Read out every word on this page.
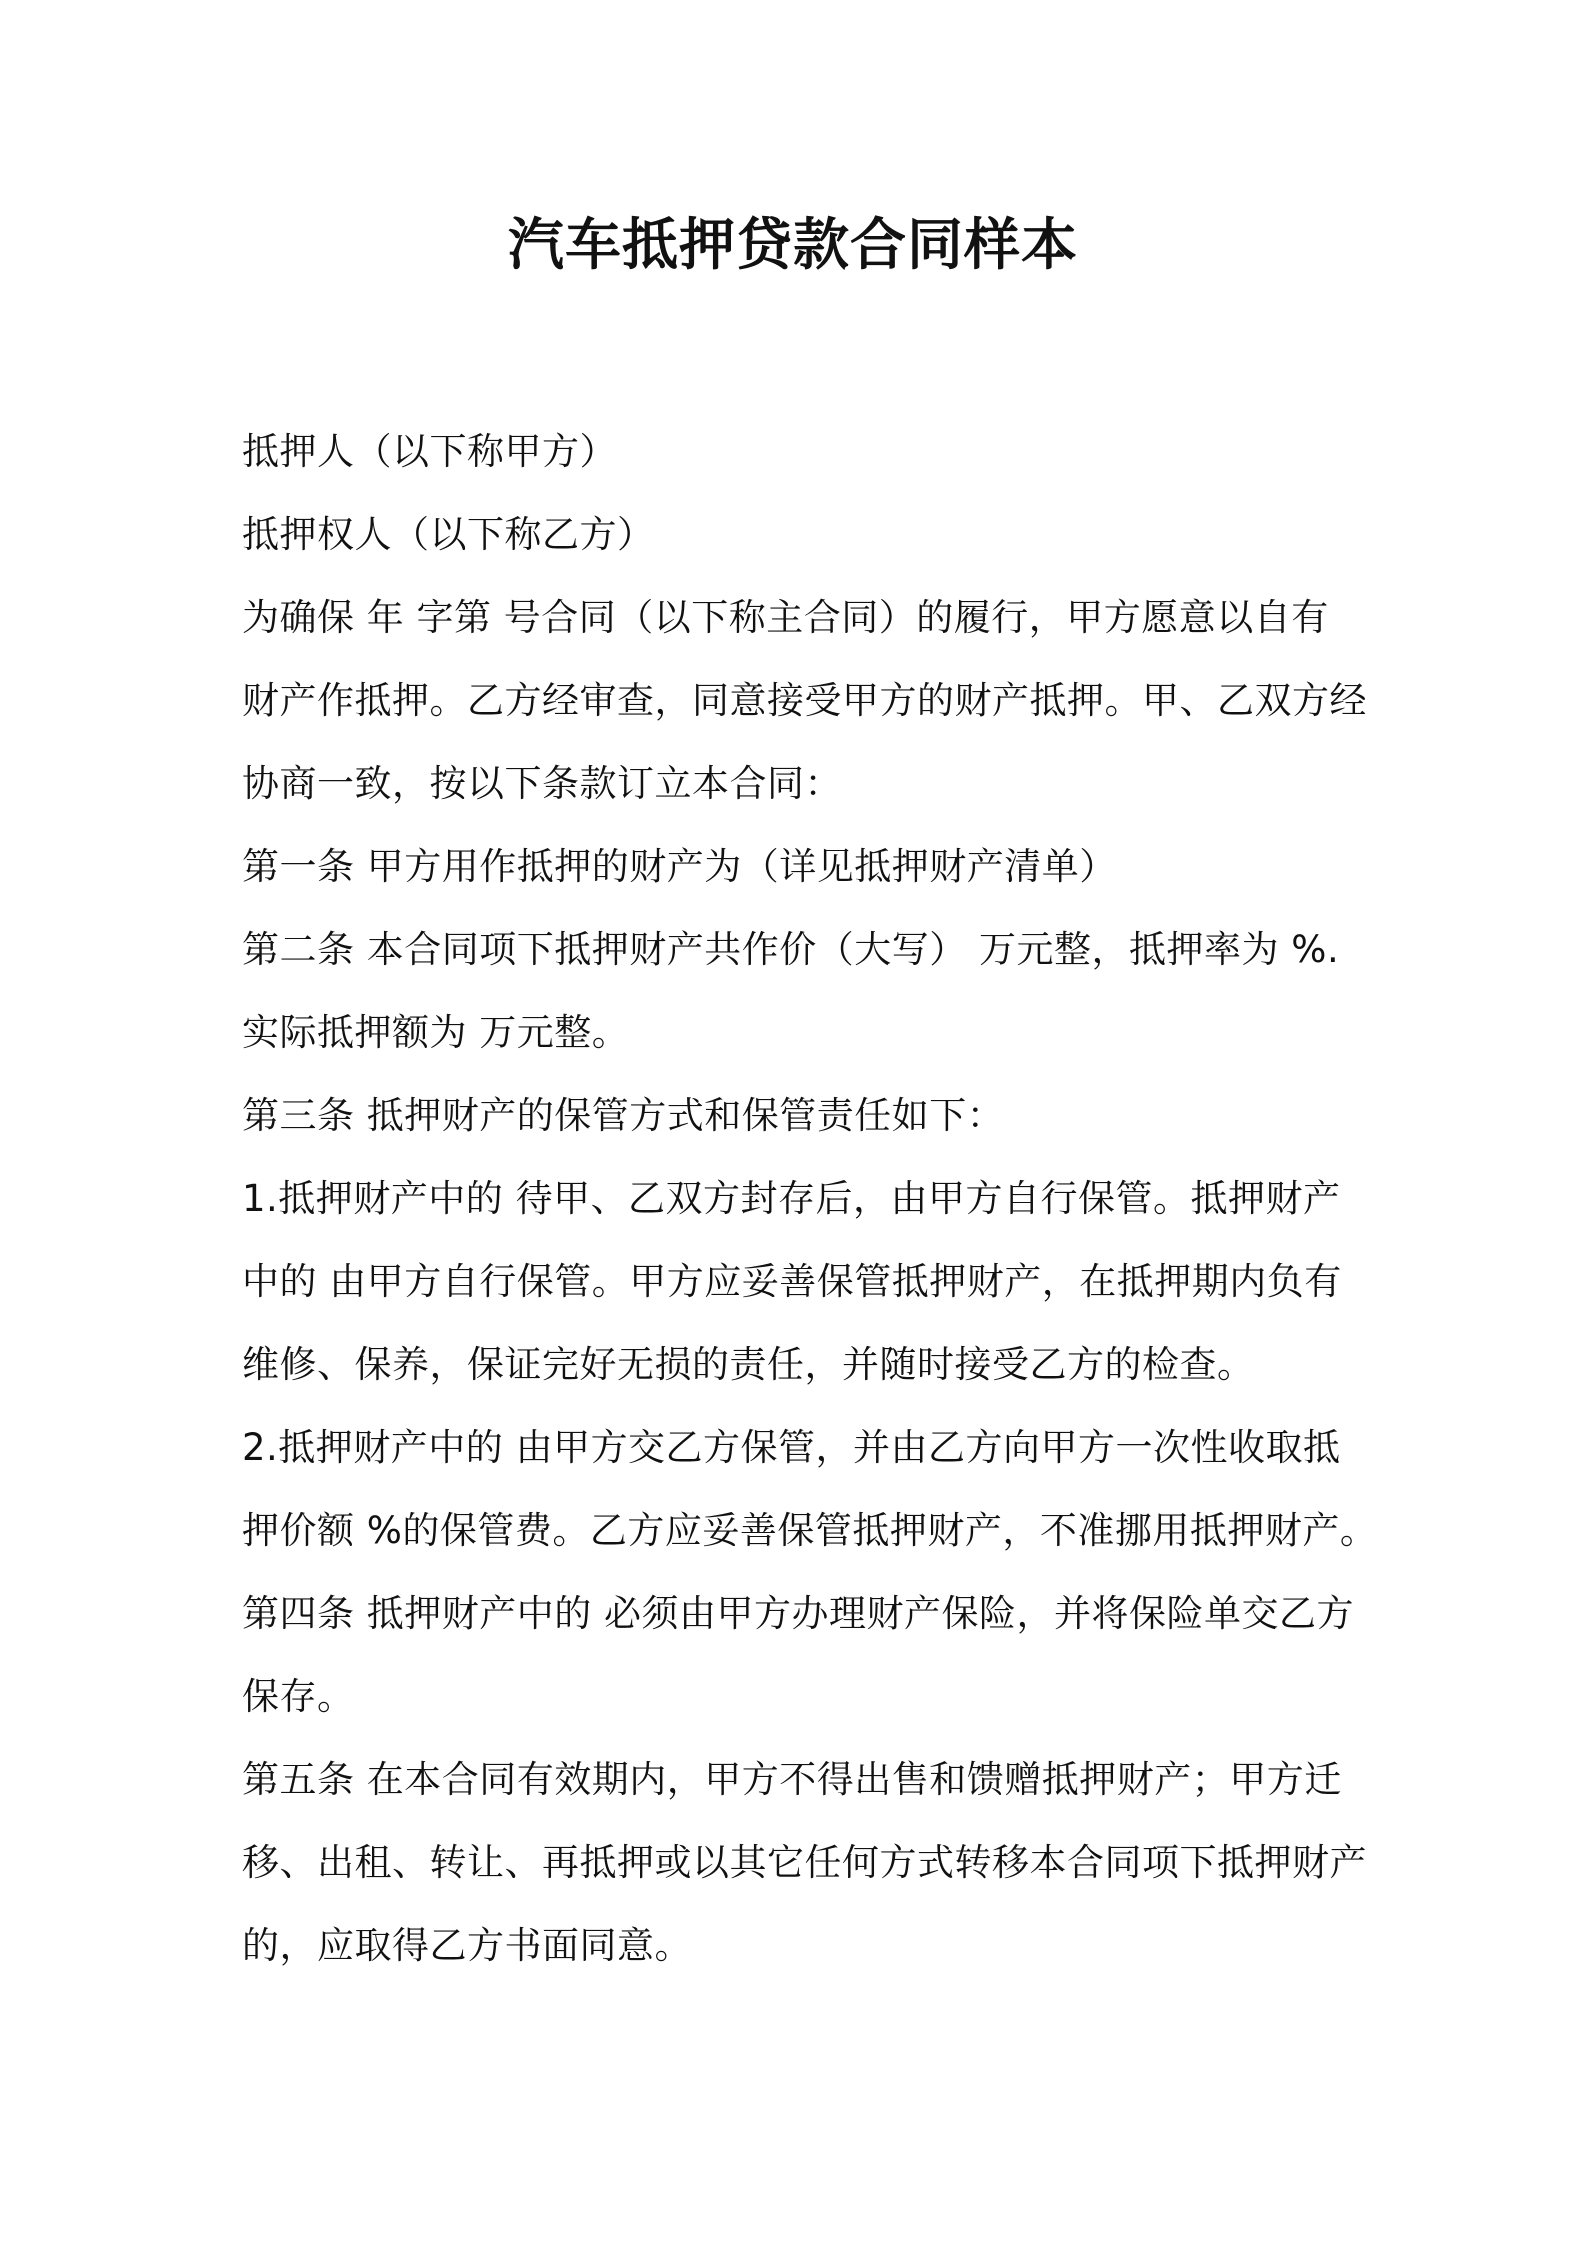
汽车抵押贷款合同样本
抵押人（以下称甲方）
抵押权人（以下称乙方）
为确保 年 字第 号合同（以下称主合同）的履行，甲方愿意以自有
财产作抵押。乙方经审查，同意接受甲方的财产抵押。甲、乙双方经
协商一致，按以下条款订立本合同：
第一条 甲方用作抵押的财产为（详见抵押财产清单）
第二条 本合同项下抵押财产共作价（大写） 万元整，抵押率为 %.
实际抵押额为 万元整。
第三条 抵押财产的保管方式和保管责任如下：
1.抵押财产中的 待甲、乙双方封存后，由甲方自行保管。抵押财产
中的 由甲方自行保管。甲方应妥善保管抵押财产，在抵押期内负有
维修、保养，保证完好无损的责任，并随时接受乙方的检查。
2.抵押财产中的 由甲方交乙方保管，并由乙方向甲方一次性收取抵
押价额 %的保管费。乙方应妥善保管抵押财产，不准挪用抵押财产。
第四条 抵押财产中的 必须由甲方办理财产保险，并将保险单交乙方
保存。
第五条 在本合同有效期内，甲方不得出售和馈赠抵押财产；甲方迁
移、出租、转让、再抵押或以其它任何方式转移本合同项下抵押财产
的，应取得乙方书面同意。
